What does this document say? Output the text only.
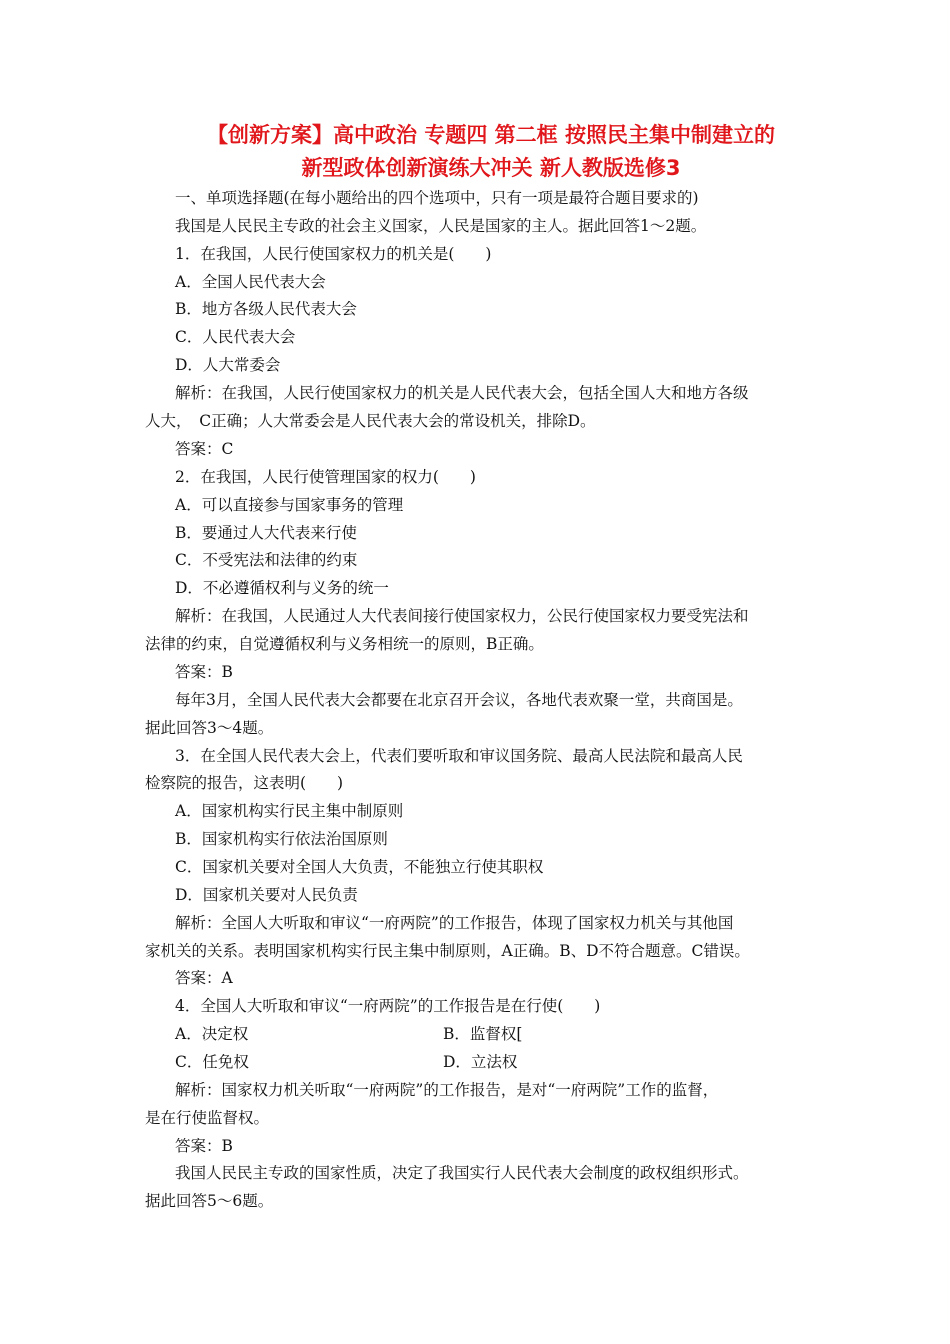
【创新方案】高中政治 专题四 第二框 按照民主集中制建立的
新型政体创新演练大冲关 新人教版选修3
一、单项选择题(在每小题给出的四个选项中，只有一项是最符合题目要求的)
我国是人民民主专政的社会主义国家，人民是国家的主人。据此回答1～2题。
1．在我国，人民行使国家权力的机关是(　　)
A．全国人民代表大会
B．地方各级人民代表大会
C．人民代表大会
D．人大常委会
解析：在我国，人民行使国家权力的机关是人民代表大会，包括全国人大和地方各级
人大，　C正确；人大常委会是人民代表大会的常设机关，排除D。
答案：C
2．在我国，人民行使管理国家的权力(　　)
A．可以直接参与国家事务的管理
B．要通过人大代表来行使
C．不受宪法和法律的约束
D．不必遵循权利与义务的统一
解析：在我国，人民通过人大代表间接行使国家权力，公民行使国家权力要受宪法和
法律的约束，自觉遵循权利与义务相统一的原则，B正确。
答案：B
每年3月，全国人民代表大会都要在北京召开会议，各地代表欢聚一堂，共商国是。
据此回答3～4题。
3．在全国人民代表大会上，代表们要听取和审议国务院、最高人民法院和最高人民
检察院的报告，这表明(　　)
A．国家机构实行民主集中制原则
B．国家机构实行依法治国原则
C．国家机关要对全国人大负责，不能独立行使其职权
D．国家机关要对人民负责
解析：全国人大听取和审议“一府两院”的工作报告，体现了国家权力机关与其他国
家机关的关系。表明国家机构实行民主集中制原则，A正确。B、D不符合题意。C错误。
答案：A
4．全国人大听取和审议“一府两院”的工作报告是在行使(　　)
A．决定权	B．监督权[
C．任免权	D．立法权
解析：国家权力机关听取“一府两院”的工作报告，是对“一府两院”工作的监督，
是在行使监督权。
答案：B
我国人民民主专政的国家性质，决定了我国实行人民代表大会制度的政权组织形式。
据此回答5～6题。
